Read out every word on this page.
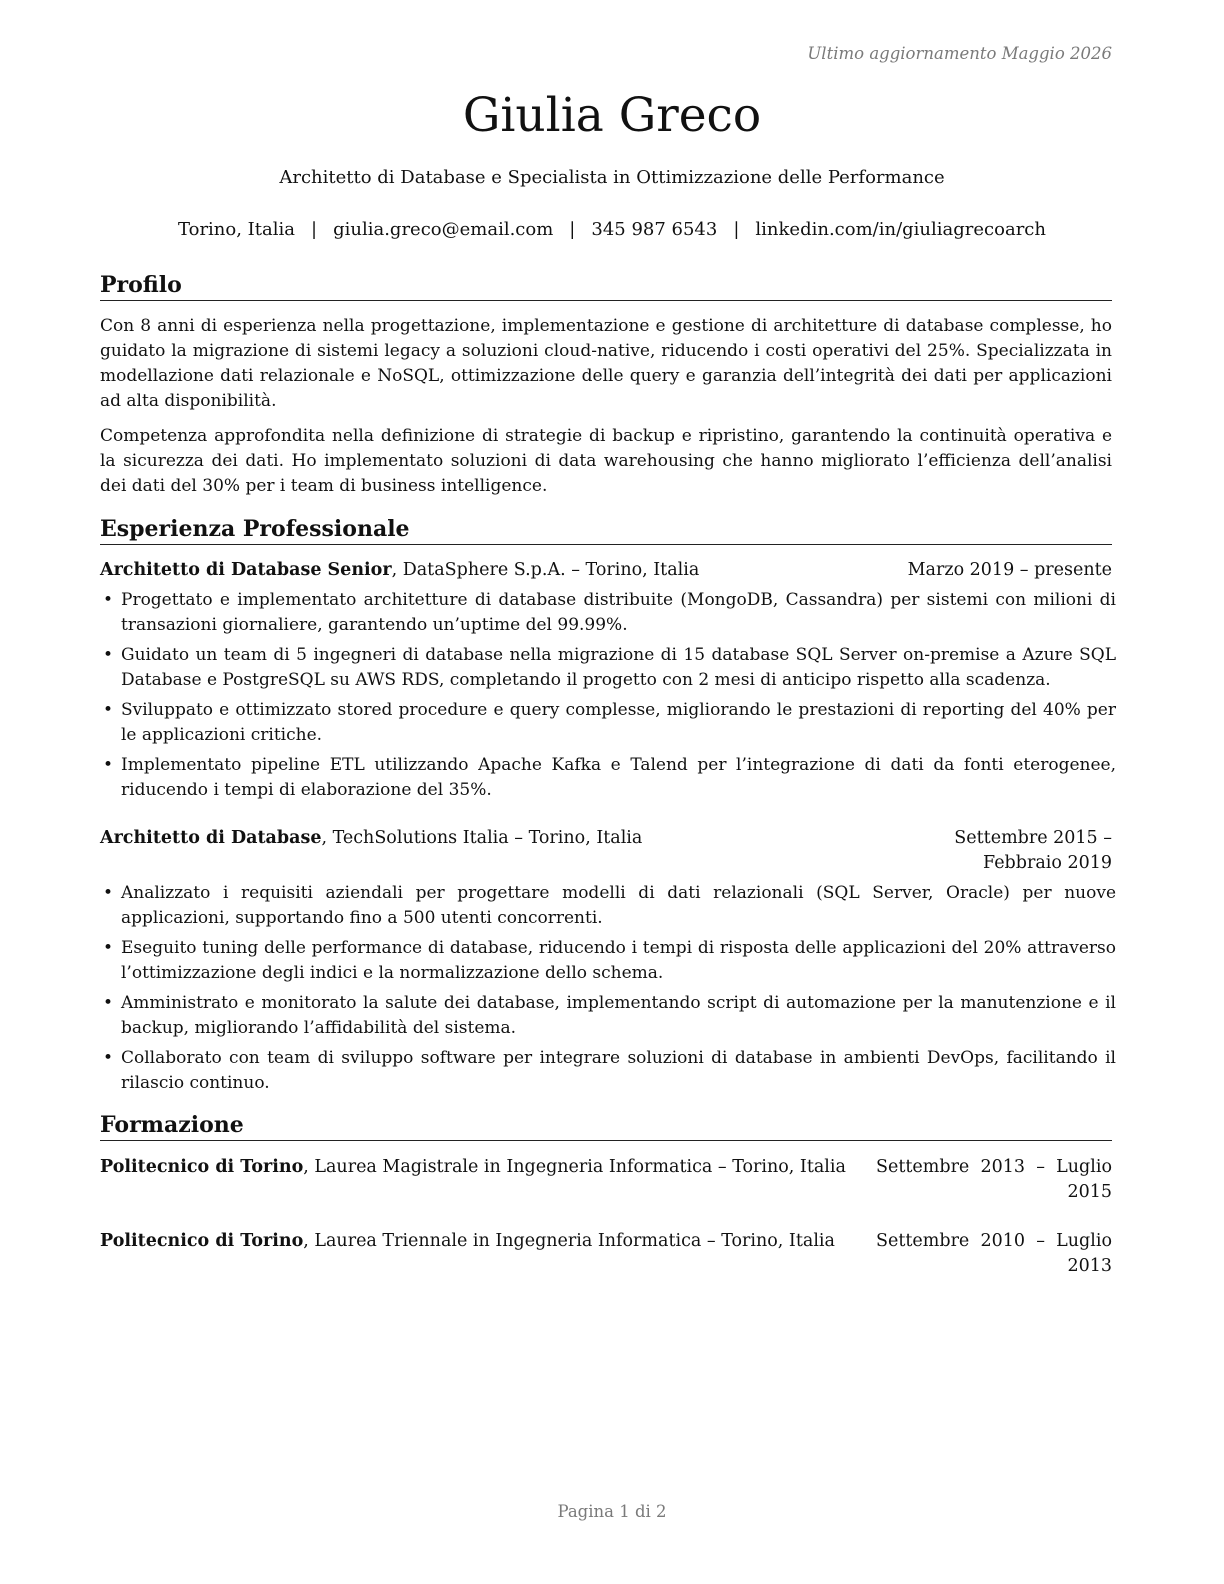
Ultimo aggiornamento Maggio 2026
Giulia Greco
Architetto di Database e Specialista in Ottimizzazione delle Performance
Torino, Italia | giulia.greco@email.com | 345 987 6543 | linkedin.com/in/giuliagrecoarch
Profilo

Con 8 anni di esperienza nella progettazione, implementazione e gestione di architetture di database complesse, ho guidato la migrazione di sistemi legacy a soluzioni cloud-native, riducendo i costi operativi del 25%. Specializzata in modellazione dati relazionale e NoSQL, ottimizzazione delle query e garanzia dell’integrità dei dati per applicazioni ad alta disponibilità.

Competenza approfondita nella definizione di strategie di backup e ripristino, garantendo la continuità operativa e la sicurezza dei dati. Ho implementato soluzioni di data warehousing che hanno migliorato l’efficienza dell’analisi dei dati del 30% per i team di business intelligence.

Esperienza Professionale
Architetto di Database Senior, DataSphere S.p.A. – Torino, Italia	Marzo 2019 – presente
• Progettato e implementato architetture di database distribuite (MongoDB, Cassandra) per sistemi con milioni di transazioni giornaliere, garantendo un’uptime del 99.99%.
• Guidato un team di 5 ingegneri di database nella migrazione di 15 database SQL Server on-premise a Azure SQL Database e PostgreSQL su AWS RDS, completando il progetto con 2 mesi di anticipo rispetto alla scadenza.
• Sviluppato e ottimizzato stored procedure e query complesse, migliorando le prestazioni di reporting del 40% per le applicazioni critiche.
• Implementato pipeline ETL utilizzando Apache Kafka e Talend per l’integrazione di dati da fonti eterogenee, riducendo i tempi di elaborazione del 35%.
Architetto di Database, TechSolutions Italia – Torino, Italia	Settembre 2015 – Febbraio 2019
• Analizzato i requisiti aziendali per progettare modelli di dati relazionali (SQL Server, Oracle) per nuove applicazioni, supportando fino a 500 utenti concorrenti.
• Eseguito tuning delle performance di database, riducendo i tempi di risposta delle applicazioni del 20% attraverso l’ottimizzazione degli indici e la normalizzazione dello schema.
• Amministrato e monitorato la salute dei database, implementando script di automazione per la manutenzione e il backup, migliorando l’affidabilità del sistema.
• Collaborato con team di sviluppo software per integrare soluzioni di database in ambienti DevOps, facilitando il rilascio continuo.
Formazione
Politecnico di Torino, Laurea Magistrale in Ingegneria Informatica – Torino, Italia Settembre 2013 – Luglio 2015
Politecnico di Torino, Laurea Triennale in Ingegneria Informatica – Torino, Italia Settembre 2010 – Luglio 2013
Pagina 1 di 2
